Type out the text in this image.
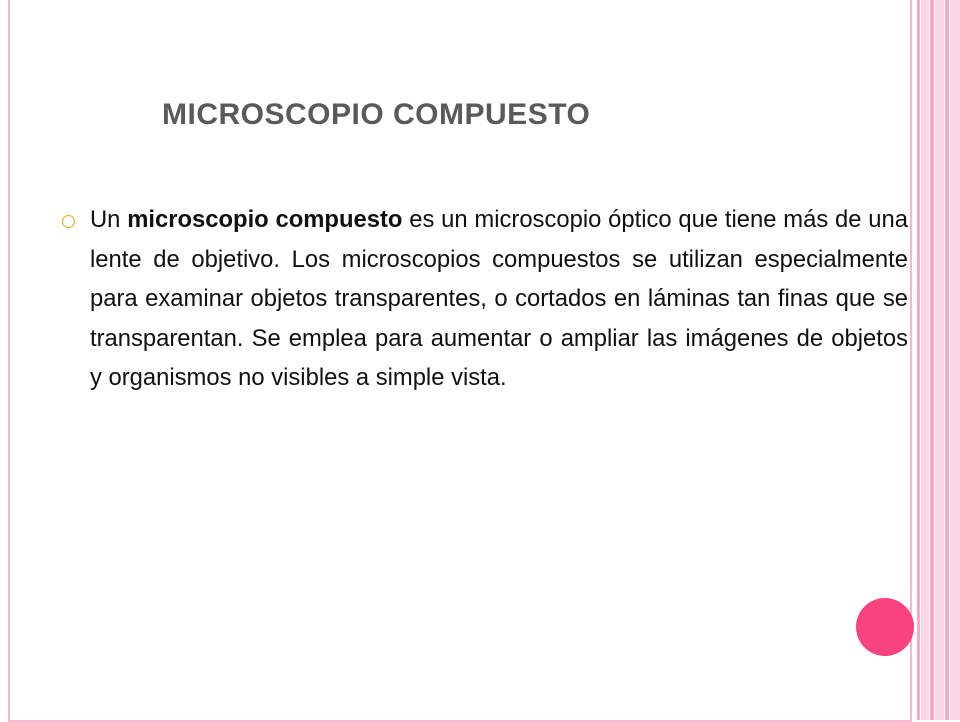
MICROSCOPIO COMPUESTO

Un microscopio compuesto es un microscopio óptico que tiene más de una lente de objetivo. Los microscopios compuestos se utilizan especialmente para examinar objetos transparentes, o cortados en láminas tan finas que se transparentan. Se emplea para aumentar o ampliar las imágenes de objetos y organismos no visibles a simple vista.
